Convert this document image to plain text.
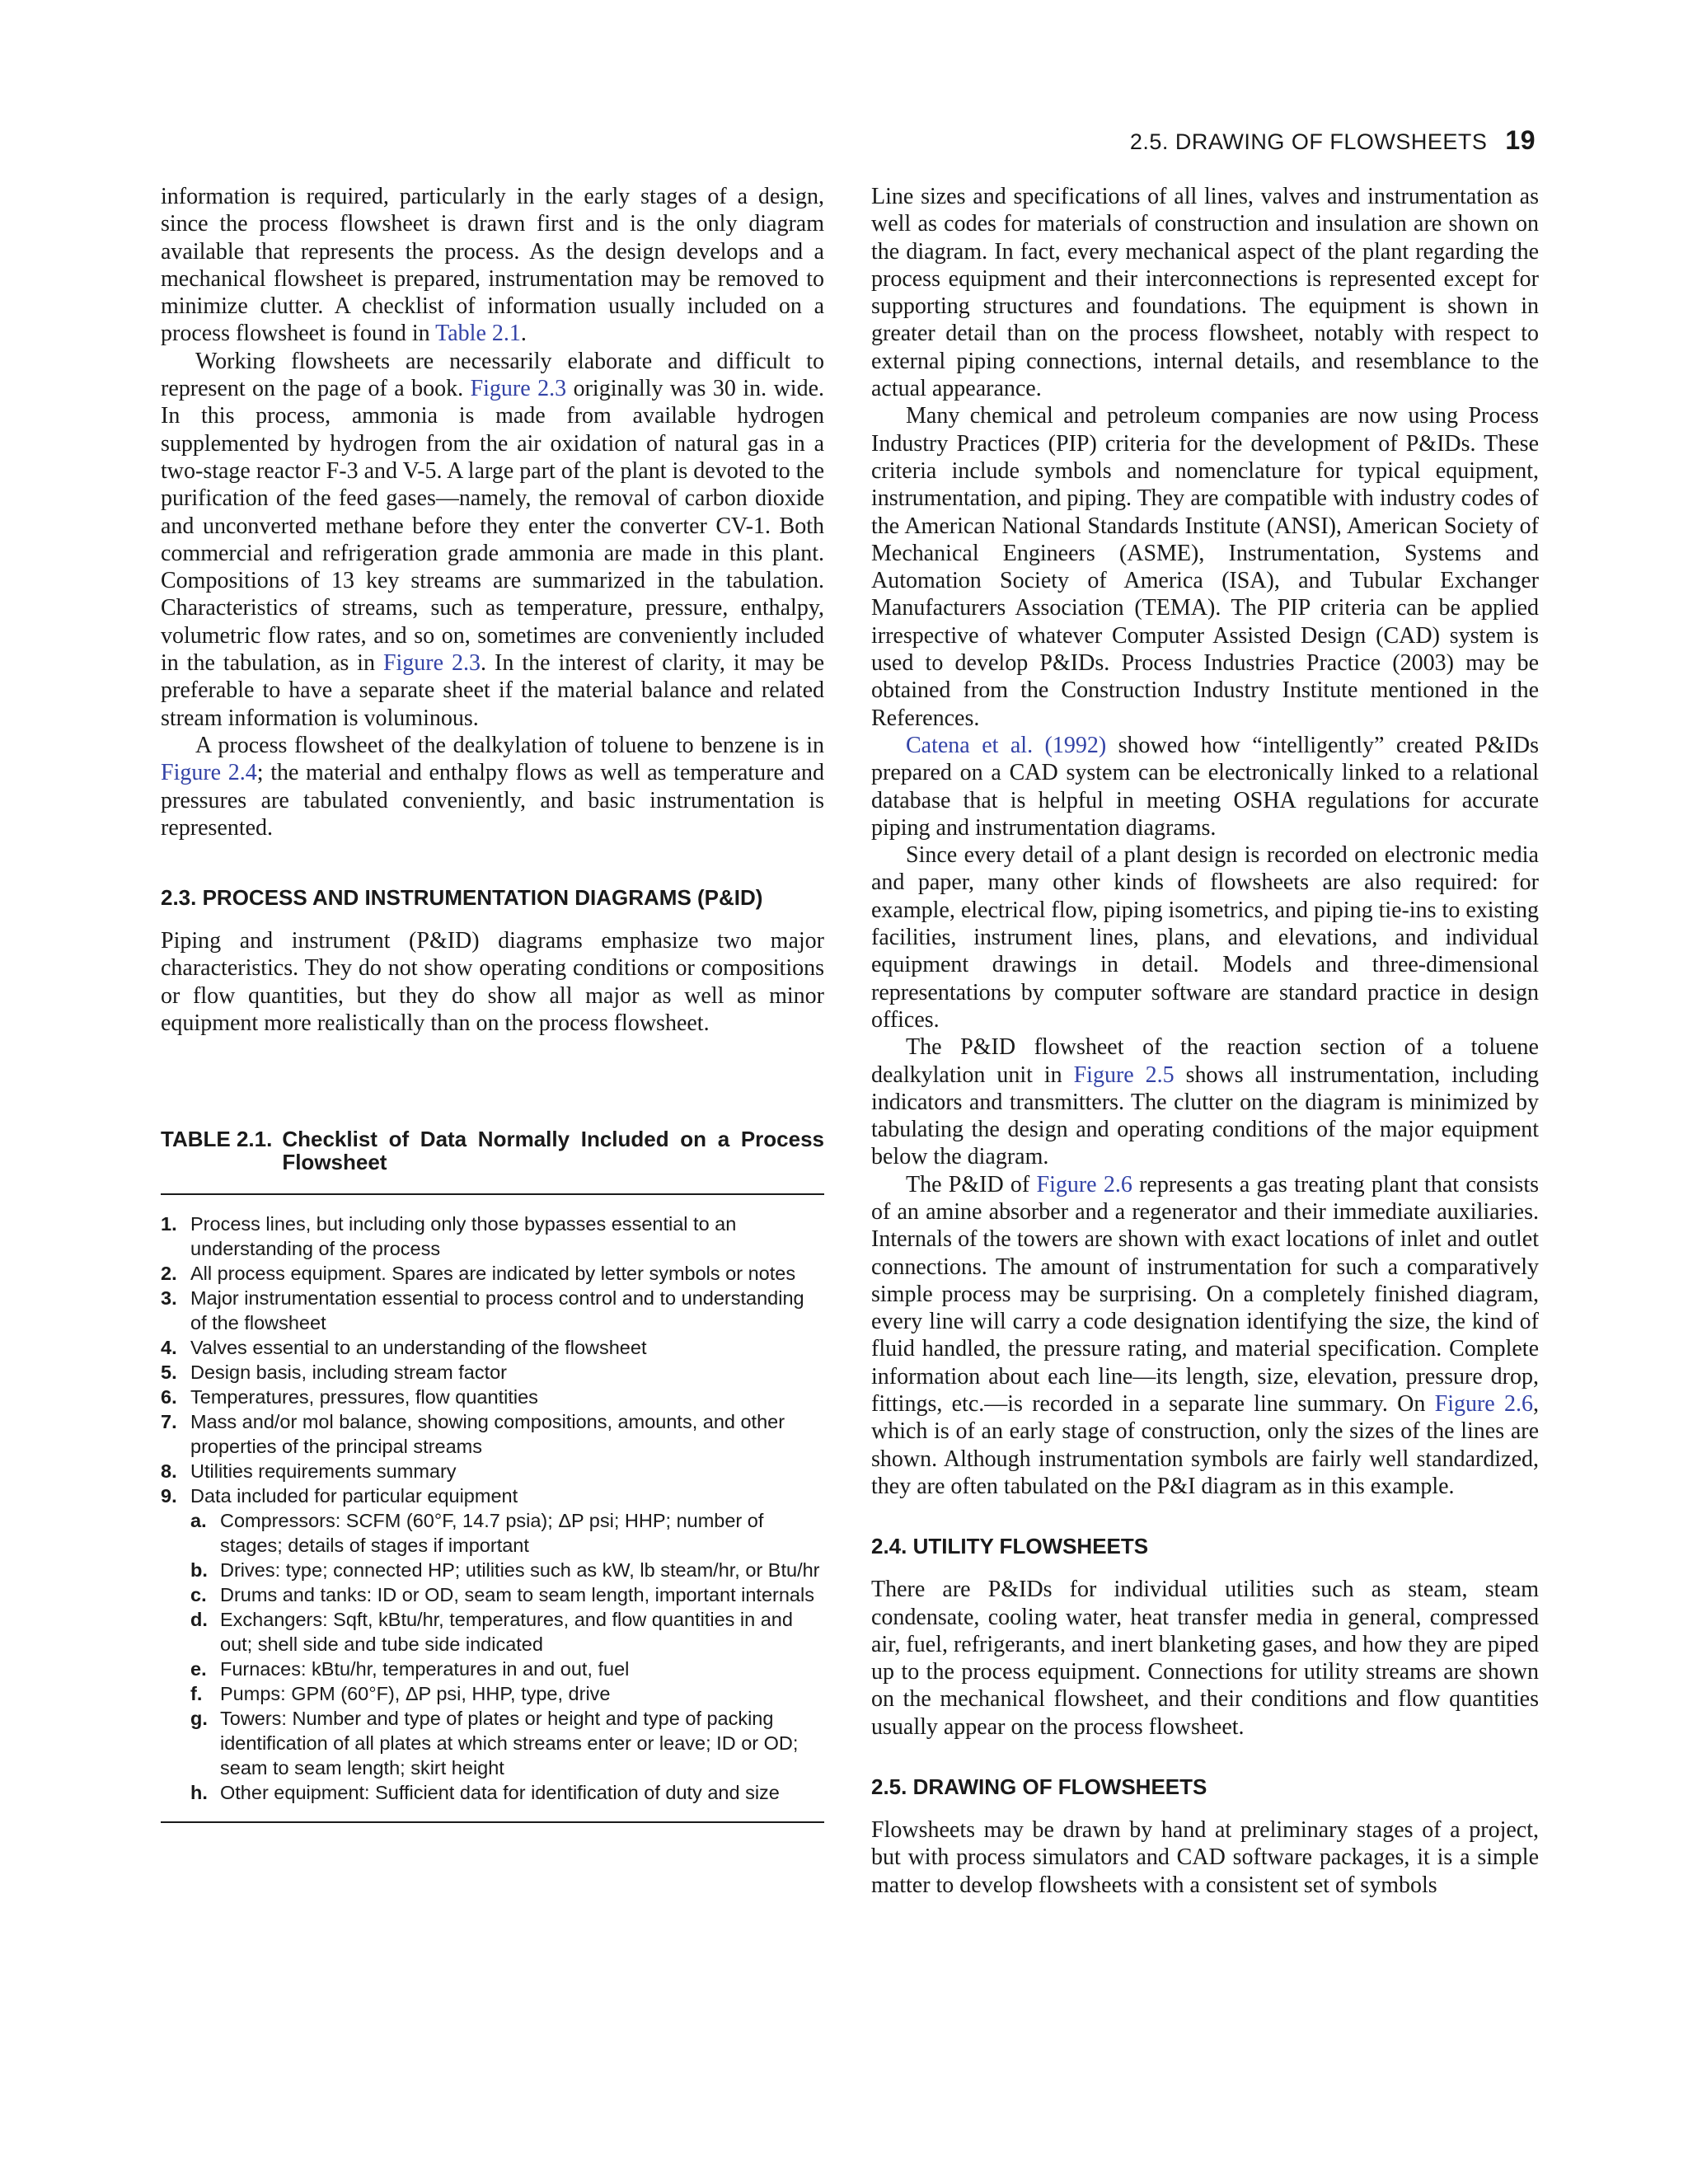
2.5. DRAWING OF FLOWSHEETS 19

information is required, particularly in the early stages of a design, since the process flowsheet is drawn first and is the only diagram available that represents the process. As the design develops and a mechanical flowsheet is prepared, instrumentation may be removed to minimize clutter. A checklist of information usually included on a process flowsheet is found in Table 2.1.

Working flowsheets are necessarily elaborate and difficult to represent on the page of a book. Figure 2.3 originally was 30 in. wide. In this process, ammonia is made from available hydrogen supplemented by hydrogen from the air oxidation of natural gas in a two-stage reactor F-3 and V-5. A large part of the plant is devoted to the purification of the feed gases—namely, the removal of carbon dioxide and unconverted methane before they enter the converter CV-1. Both commercial and refrigeration grade ammonia are made in this plant. Compositions of 13 key streams are summarized in the tabulation. Characteristics of streams, such as temperature, pressure, enthalpy, volumetric flow rates, and so on, sometimes are conveniently included in the tabulation, as in Figure 2.3. In the interest of clarity, it may be preferable to have a separate sheet if the material balance and related stream information is voluminous.

A process flowsheet of the dealkylation of toluene to benzene is in Figure 2.4; the material and enthalpy flows as well as temperature and pressures are tabulated conveniently, and basic instrumentation is represented.

2.3. PROCESS AND INSTRUMENTATION DIAGRAMS (P&ID)

Piping and instrument (P&ID) diagrams emphasize two major characteristics. They do not show operating conditions or compositions or flow quantities, but they do show all major as well as minor equipment more realistically than on the process flowsheet.

TABLE 2.1. Checklist of Data Normally Included on a Process Flowsheet
1. Process lines, but including only those bypasses essential to an understanding of the process
2. All process equipment. Spares are indicated by letter symbols or notes
3. Major instrumentation essential to process control and to understanding of the flowsheet
4. Valves essential to an understanding of the flowsheet
5. Design basis, including stream factor
6. Temperatures, pressures, flow quantities
7. Mass and/or mol balance, showing compositions, amounts, and other properties of the principal streams
8. Utilities requirements summary
9. Data included for particular equipment
a. Compressors: SCFM (60°F, 14.7 psia); ΔP psi; HHP; number of stages; details of stages if important
b. Drives: type; connected HP; utilities such as kW, lb steam/hr, or Btu/hr
c. Drums and tanks: ID or OD, seam to seam length, important internals
d. Exchangers: Sqft, kBtu/hr, temperatures, and flow quantities in and out; shell side and tube side indicated
e. Furnaces: kBtu/hr, temperatures in and out, fuel
f. Pumps: GPM (60°F), ΔP psi, HHP, type, drive
g. Towers: Number and type of plates or height and type of packing identification of all plates at which streams enter or leave; ID or OD; seam to seam length; skirt height
h. Other equipment: Sufficient data for identification of duty and size

Line sizes and specifications of all lines, valves and instrumentation as well as codes for materials of construction and insulation are shown on the diagram. In fact, every mechanical aspect of the plant regarding the process equipment and their interconnections is represented except for supporting structures and foundations. The equipment is shown in greater detail than on the process flowsheet, notably with respect to external piping connections, internal details, and resemblance to the actual appearance.

Many chemical and petroleum companies are now using Process Industry Practices (PIP) criteria for the development of P&IDs. These criteria include symbols and nomenclature for typical equipment, instrumentation, and piping. They are compatible with industry codes of the American National Standards Institute (ANSI), American Society of Mechanical Engineers (ASME), Instrumentation, Systems and Automation Society of America (ISA), and Tubular Exchanger Manufacturers Association (TEMA). The PIP criteria can be applied irrespective of whatever Computer Assisted Design (CAD) system is used to develop P&IDs. Process Industries Practice (2003) may be obtained from the Construction Industry Institute mentioned in the References.

Catena et al. (1992) showed how “intelligently” created P&IDs prepared on a CAD system can be electronically linked to a relational database that is helpful in meeting OSHA regulations for accurate piping and instrumentation diagrams.

Since every detail of a plant design is recorded on electronic media and paper, many other kinds of flowsheets are also required: for example, electrical flow, piping isometrics, and piping tie-ins to existing facilities, instrument lines, plans, and elevations, and individual equipment drawings in detail. Models and three-dimensional representations by computer software are standard practice in design offices.

The P&ID flowsheet of the reaction section of a toluene dealkylation unit in Figure 2.5 shows all instrumentation, including indicators and transmitters. The clutter on the diagram is minimized by tabulating the design and operating conditions of the major equipment below the diagram.

The P&ID of Figure 2.6 represents a gas treating plant that consists of an amine absorber and a regenerator and their immediate auxiliaries. Internals of the towers are shown with exact locations of inlet and outlet connections. The amount of instrumentation for such a comparatively simple process may be surprising. On a completely finished diagram, every line will carry a code designation identifying the size, the kind of fluid handled, the pressure rating, and material specification. Complete information about each line—its length, size, elevation, pressure drop, fittings, etc.—is recorded in a separate line summary. On Figure 2.6, which is of an early stage of construction, only the sizes of the lines are shown. Although instrumentation symbols are fairly well standardized, they are often tabulated on the P&I diagram as in this example.

2.4. UTILITY FLOWSHEETS

There are P&IDs for individual utilities such as steam, steam condensate, cooling water, heat transfer media in general, compressed air, fuel, refrigerants, and inert blanketing gases, and how they are piped up to the process equipment. Connections for utility streams are shown on the mechanical flowsheet, and their conditions and flow quantities usually appear on the process flowsheet.

2.5. DRAWING OF FLOWSHEETS

Flowsheets may be drawn by hand at preliminary stages of a project, but with process simulators and CAD software packages, it is a simple matter to develop flowsheets with a consistent set of symbols
